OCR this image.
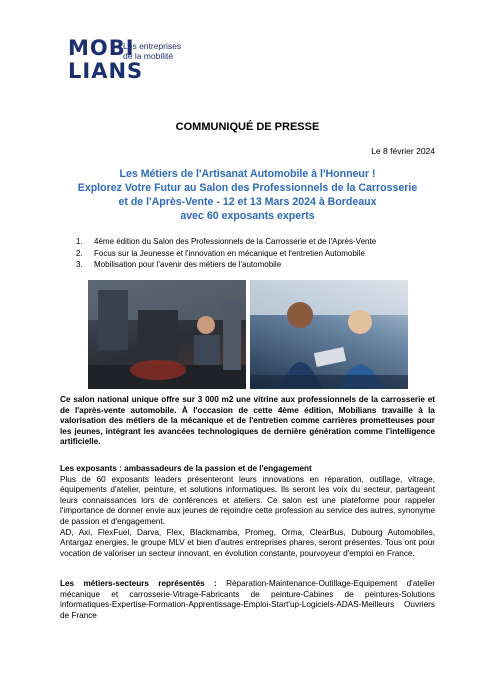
MOBI
LIANS
Les entreprises
de la mobilité
COMMUNIQUÉ DE PRESSE
Le 8 février 2024
Les Métiers de l'Artisanat Automobile à l'Honneur !
Explorez Votre Futur au Salon des Professionnels de la Carrosserie
et de l'Après-Vente - 12 et 13 Mars 2024 à Bordeaux
avec 60 exposants experts
1. 4ème édition du Salon des Professionnels de la Carrosserie et de l'Après-Vente
2. Focus sur la Jeunesse et l'innovation en mécanique et l'entretien Automobile
3. Mobilisation pour l'avenir des métiers de l'automobile

Ce salon national unique offre sur 3 000 m2 une vitrine aux professionnels de la carrosserie et de l'après-vente automobile. À l'occasion de cette 4ème édition, Mobilians travaille à la valorisation des métiers de la mécanique et de l'entretien comme carrières prometteuses pour les jeunes, intégrant les avancées technologiques de dernière génération comme l'intelligence artificielle.

Les exposants : ambassadeurs de la passion et de l'engagement

Plus de 60 exposants leaders présenteront leurs innovations en réparation, outillage, vitrage, équipements d'atelier, peinture, et solutions informatiques. Ils seront les voix du secteur, partageant leurs connaissances lors de conférences et ateliers. Ce salon est une plateforme pour rappeler l'importance de donner envie aux jeunes de rejoindre cette profession au service des autres, synonyme de passion et d'engagement.

AD, Axi, FlexFuel, Darva, Flex, Blackmamba, Promeg, Orma, ClearBus, Dubourg Automobiles, Antargaz energies, le groupe MLV et bien d'autres entreprises phares, seront présentes. Tous ont pour vocation de valoriser un secteur innovant, en évolution constante, pourvoyeur d'emploi en France.

Les métiers-secteurs représentés : Réparation-Maintenance-Outillage-Equipement d'atelier mécanique et carrosserie-Vitrage-Fabricants de peinture-Cabines de peintures-Solutions informatiques-Expertise-Formation-Apprentissage-Emploi-Start'up-Logiciels-ADAS-Meilleurs Ouvriers de France
